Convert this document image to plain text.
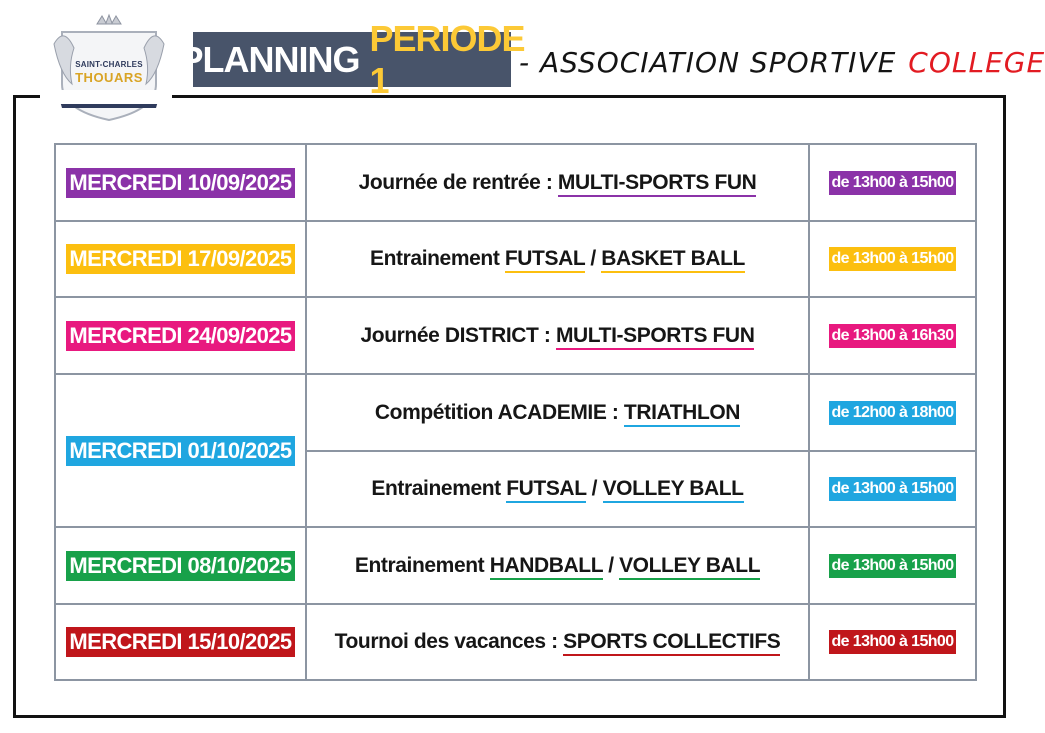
SAINT-CHARLES
THOUARS	PLANNING
PERIODE 1	- ASSOCIATION SPORTIVE COLLEGE
MERCREDI 10/09/2025	Journée de rentrée : MULTI-SPORTS FUN	de 13h00 à 15h00
MERCREDI 17/09/2025	Entrainement FUTSAL / BASKET BALL	de 13h00 à 15h00
MERCREDI 24/09/2025	Journée DISTRICT : MULTI-SPORTS FUN	de 13h00 à 16h30
MERCREDI 01/10/2025	Compétition ACADEMIE : TRIATHLON	de 12h00 à 18h00
	Entrainement FUTSAL / VOLLEY BALL	de 13h00 à 15h00
MERCREDI 08/10/2025	Entrainement HANDBALL / VOLLEY BALL	de 13h00 à 15h00
MERCREDI 15/10/2025	Tournoi des vacances : SPORTS COLLECTIFS	de 13h00 à 15h00
